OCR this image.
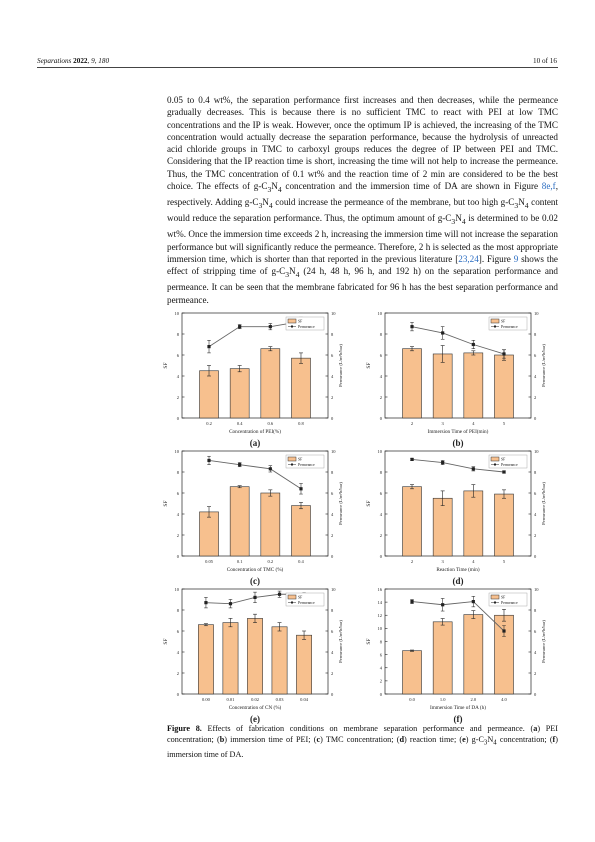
Separations 2022, 9, 180	10 of 16

0.05 to 0.4 wt%, the separation performance first increases and then decreases, while the permeance gradually decreases. This is because there is no sufficient TMC to react with PEI at low TMC concentrations and the IP is weak. However, once the optimum IP is achieved, the increasing of the TMC concentration would actually decrease the separation performance, because the hydrolysis of unreacted acid chloride groups in TMC to carboxyl groups reduces the degree of IP between PEI and TMC. Considering that the IP reaction time is short, increasing the time will not help to increase the permeance. Thus, the TMC concentration of 0.1 wt% and the reaction time of 2 min are considered to be the best choice. The effects of $g-C_3N_4$ concentration and the immersion time of DA are shown in Figure 8e,f, respectively. Adding $g-C_3N_4$ could increase the permeance of the membrane, but too high $g-C_3N_4$ content would reduce the separation performance. Thus, the optimum amount of $g-C_3N_4$ is determined to be 0.02 wt%. Once the immersion time exceeds 2 h, increasing the immersion time will not increase the separation performance but will significantly reduce the permeance. Therefore, 2 h is selected as the most appropriate immersion time, which is shorter than that reported in the previous literature [23,24]. Figure 9 shows the effect of stripping time of $g-C_3N_4$ (24 h, 48 h, 96 h, and 192 h) on the separation performance and permeance. It can be seen that the membrane fabricated for 96 h has the best separation performance and permeance.

0
2
4
6
8
10
0
2
4
6
8
10
SF	Permeance (L/m²h/bar)
Concentration of PEI(%)
(a)
0.2	0.4	0.6	0.8
SF
Permeance
0
2
4
6
8
10
0
2
4
6
8
10
SF	Permeance (L/m²h/bar)
Immersion Time of PEI(min)
(b)
2	3	4	5
SF
Permeance
0
2
4
6
8
10
0
2
4
6
8
10
SF	Permeance (L/m²h/bar)
Concentration of TMC (%)
(c)
0.05	0.1	0.2	0.4
SF
Permeance
0
2
4
6
8
10
0
2
4
6
8
10
SF	Permeance (L/m²h/bar)
Reaction Time (min)
(d)
2	3	4	5
SF
Permeance
0
2
4
6
8
10
0
2
4
6
8
10
SF	Permeance (L/m²h/bar)
Concentration of CN (%)
(e)
0.00	0.01	0.02	0.03	0.04
SF
Permeance
0
2
4
6
8
10
12
14
16
0
2
4
6
8
10
SF	Permeance (L/m²h/bar)
Immersion Time of DA (h)
(f)
0.0	1.0	2.0	4.0
SF
Permeance
Figure 8. Effects of fabrication conditions on membrane separation performance and permeance. (a) PEI concentration; (b) immersion time of PEI; (c) TMC concentration; (d) reaction time; (e) $g-C_3N_4$ concentration; (f) immersion time of DA.
